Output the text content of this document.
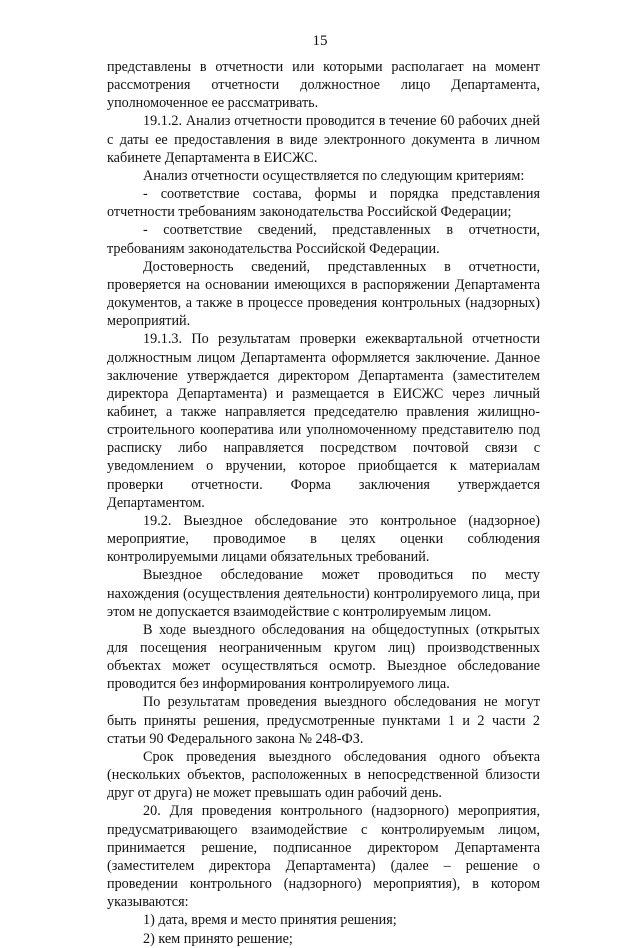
15

представлены в отчетности или которыми располагает на момент рассмотрения отчетности должностное лицо Департамента, уполномоченное ее рассматривать.

19.1.2. Анализ отчетности проводится в течение 60 рабочих дней с даты ее предоставления в виде электронного документа в личном кабинете Департамента в ЕИСЖС.

Анализ отчетности осуществляется по следующим критериям:

- соответствие состава, формы и порядка представления отчетности требованиям законодательства Российской Федерации;

- соответствие сведений, представленных в отчетности, требованиям законодательства Российской Федерации.

Достоверность сведений, представленных в отчетности, проверяется на основании имеющихся в распоряжении Департамента документов, а также в процессе проведения контрольных (надзорных) мероприятий.

19.1.3. По результатам проверки ежеквартальной отчетности должностным лицом Департамента оформляется заключение. Данное заключение утверждается директором Департамента (заместителем директора Департамента) и размещается в ЕИСЖС через личный кабинет, а также направляется председателю правления жилищно-строительного кооператива или уполномоченному представителю под расписку либо направляется посредством почтовой связи с уведомлением о вручении, которое приобщается к материалам проверки отчетности. Форма заключения утверждается Департаментом.

19.2. Выездное обследование это контрольное (надзорное) мероприятие, проводимое в целях оценки соблюдения контролируемыми лицами обязательных требований.

Выездное обследование может проводиться по месту нахождения (осуществления деятельности) контролируемого лица, при этом не допускается взаимодействие с контролируемым лицом.

В ходе выездного обследования на общедоступных (открытых для посещения неограниченным кругом лиц) производственных объектах может осуществляться осмотр. Выездное обследование проводится без информирования контролируемого лица.

По результатам проведения выездного обследования не могут быть приняты решения, предусмотренные пунктами 1 и 2 части 2 статьи 90 Федерального закона № 248-ФЗ.

Срок проведения выездного обследования одного объекта (нескольких объектов, расположенных в непосредственной близости друг от друга) не может превышать один рабочий день.

20. Для проведения контрольного (надзорного) мероприятия, предусматривающего взаимодействие с контролируемым лицом, принимается решение, подписанное директором Департамента (заместителем директора Департамента) (далее – решение о проведении контрольного (надзорного) мероприятия), в котором указываются:

1) дата, время и место принятия решения;

2) кем принято решение;
